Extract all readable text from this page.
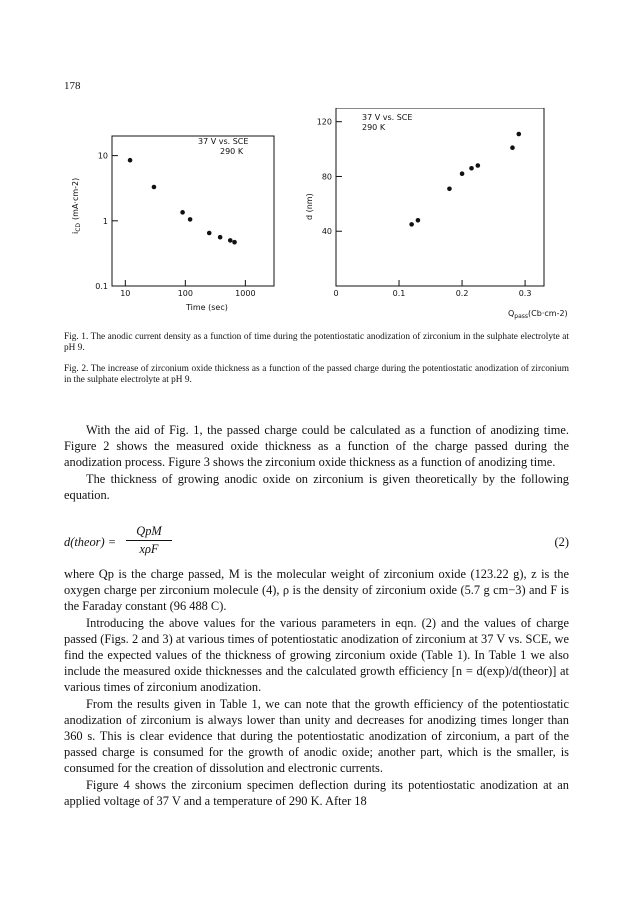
178
37 V vs. SCE
290 K
10
1
0.1
10	100	1000
$i_{CD}(mA\cdot cm-2)$
Time (sec)
37 V vs. SCE
290 K
120
80
40
0	0.1	0.2	0.3
d (nm)
$Q_{pass}(Cb\cdot cm-2)$
Fig. 1. The anodic current density as a function of time during the potentiostatic anodization of zirconium in the sulphate electrolyte at pH 9.
Fig. 2. The increase of zirconium oxide thickness as a function of the passed charge during the potentiostatic anodization of zirconium in the sulphate electrolyte at pH 9.

With the aid of Fig. 1, the passed charge could be calculated as a function of anodizing time. Figure 2 shows the measured oxide thickness as a function of the charge passed during the anodization process. Figure 3 shows the zirconium oxide thickness as a function of anodizing time.

The thickness of growing anodic oxide on zirconium is given theoretically by the following equation.

d(theor) =
QpM
xρF	(2)

where Qp is the charge passed, M is the molecular weight of zirconium oxide (123.22 g), z is the oxygen charge per zirconium molecule (4), ρ is the density of zirconium oxide (5.7 g cm−3) and F is the Faraday constant (96 488 C).

Introducing the above values for the various parameters in eqn. (2) and the values of charge passed (Figs. 2 and 3) at various times of potentiostatic anodization of zirconium at 37 V vs. SCE, we find the expected values of the thickness of growing zirconium oxide (Table 1). In Table 1 we also include the measured oxide thicknesses and the calculated growth efficiency [n = d(exp)/d(theor)] at various times of zirconium anodization.

From the results given in Table 1, we can note that the growth efficiency of the potentiostatic anodization of zirconium is always lower than unity and decreases for anodizing times longer than 360 s. This is clear evidence that during the potentiostatic anodization of zirconium, a part of the passed charge is consumed for the growth of anodic oxide; another part, which is the smaller, is consumed for the creation of dissolution and electronic currents.

Figure 4 shows the zirconium specimen deflection during its potentiostatic anodization at an applied voltage of 37 V and a temperature of 290 K. After 18
